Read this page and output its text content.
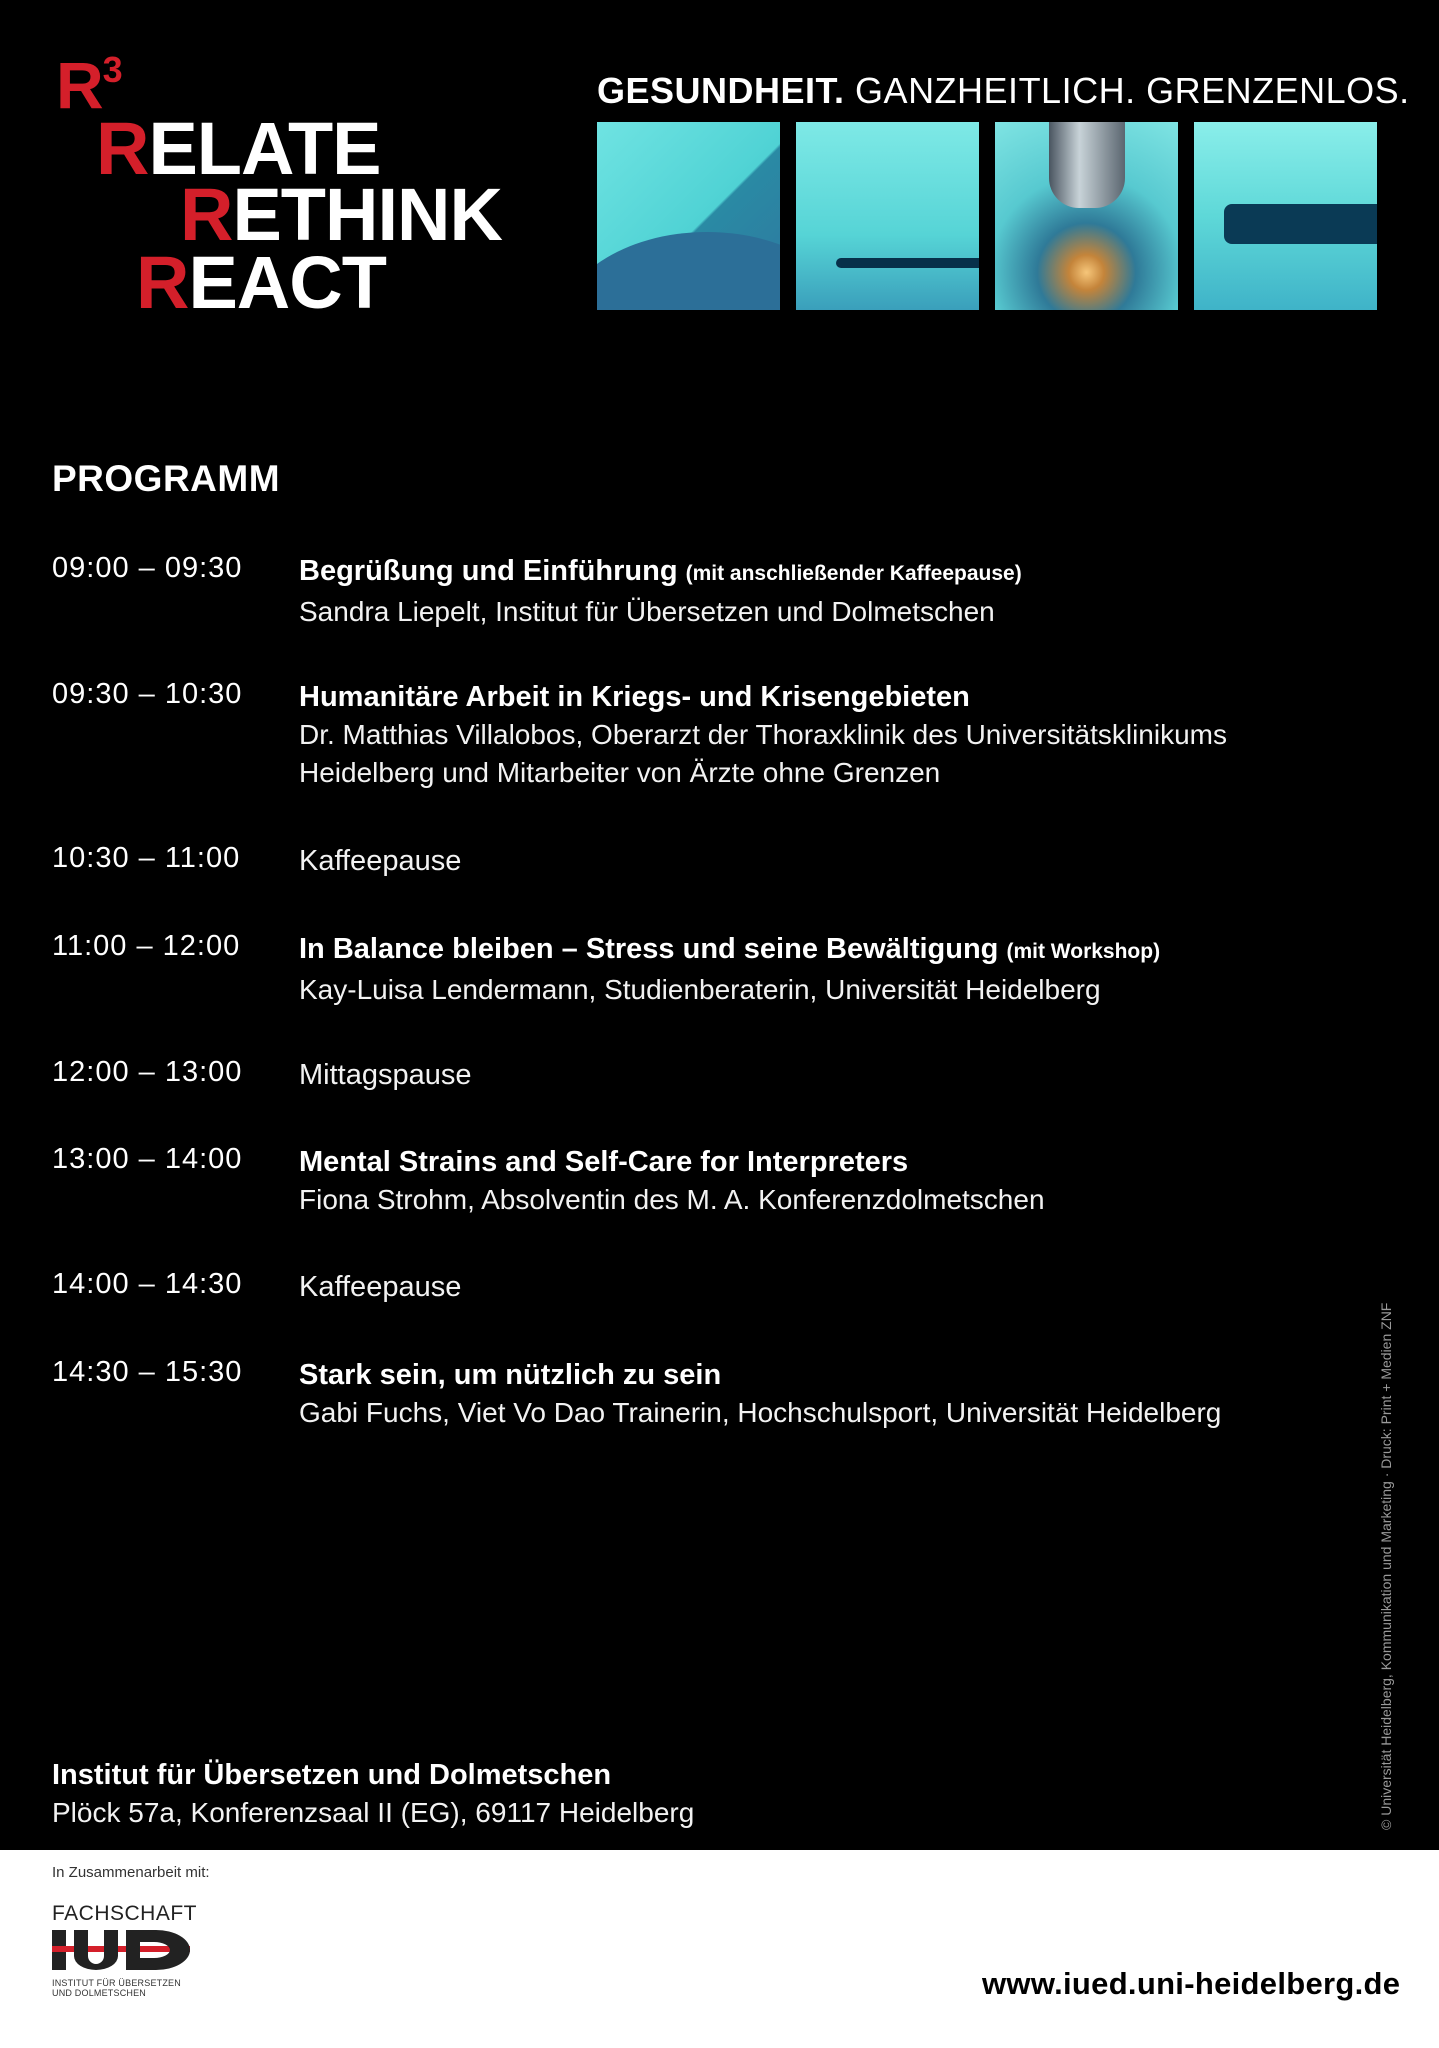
$R^3$
RELATE
RETHINK
REACT
GESUNDHEIT. GANZHEITLICH. GRENZENLOS.
PROGRAMM
09:00 – 09:30 Begrüßung und Einführung (mit anschließender Kaffeepause)
Sandra Liepelt, Institut für Übersetzen und Dolmetschen
09:30 – 10:30 Humanitäre Arbeit in Kriegs- und Krisengebieten
Dr. Matthias Villalobos, Oberarzt der Thoraxklinik des Universitätsklinikums
Heidelberg und Mitarbeiter von Ärzte ohne Grenzen
10:30 – 11:00 Kaffeepause
11:00 – 12:00 In Balance bleiben – Stress und seine Bewältigung (mit Workshop)
Kay-Luisa Lendermann, Studienberaterin, Universität Heidelberg
12:00 – 13:00 Mittagspause
13:00 – 14:00 Mental Strains and Self-Care for Interpreters
Fiona Strohm, Absolventin des M. A. Konferenzdolmetschen
14:00 – 14:30 Kaffeepause
14:30 – 15:30 Stark sein, um nützlich zu sein
Gabi Fuchs, Viet Vo Dao Trainerin, Hochschulsport, Universität Heidelberg
Institut für Übersetzen und Dolmetschen
Plöck 57a, Konferenzsaal II (EG), 69117 Heidelberg	© Universität Heidelberg, Kommunikation und Marketing · Druck: Print + Medien ZNF
In Zusammenarbeit mit:
FACHSCHAFT
INSTITUT FÜR ÜBERSETZEN
UND DOLMETSCHEN	www.iued.uni-heidelberg.de
